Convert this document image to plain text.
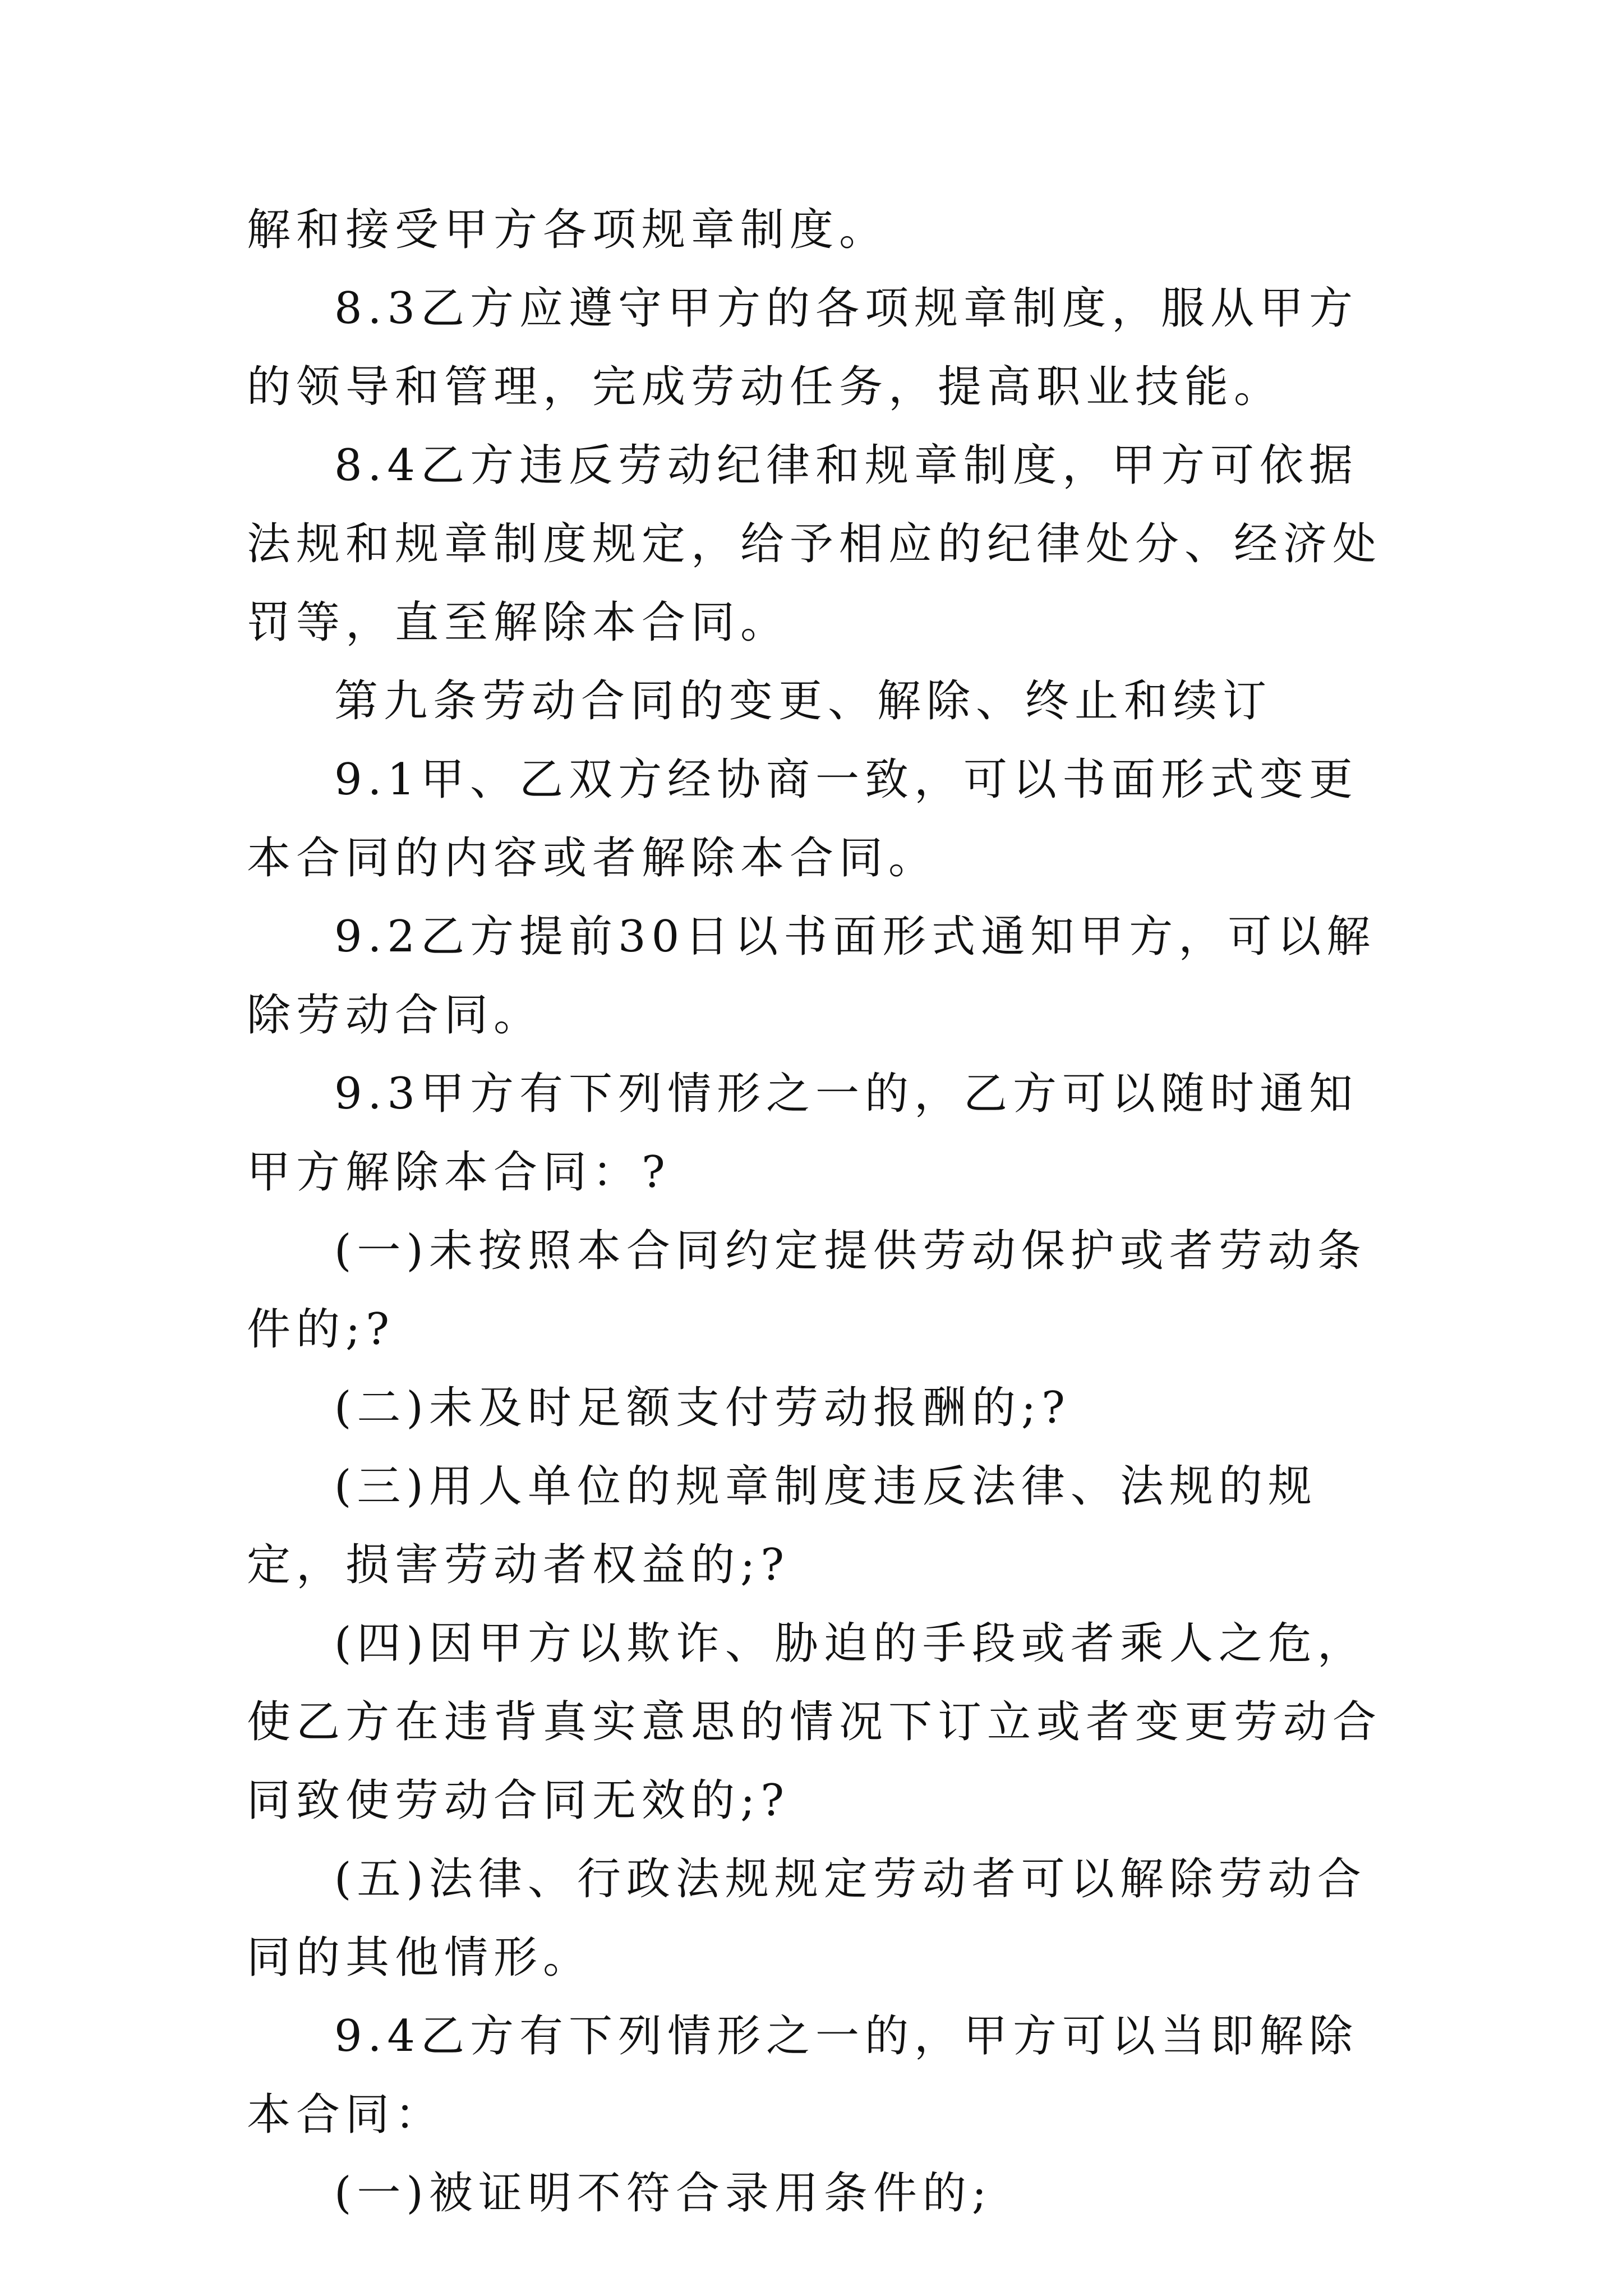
解和接受甲方各项规章制度。

8.3乙方应遵守甲方的各项规章制度，服从甲方的领导和管理，完成劳动任务，提高职业技能。

8.4乙方违反劳动纪律和规章制度，甲方可依据法规和规章制度规定，给予相应的纪律处分、经济处罚等，直至解除本合同。

第九条劳动合同的变更、解除、终止和续订

9.1甲、乙双方经协商一致，可以书面形式变更本合同的内容或者解除本合同。

9.2乙方提前30日以书面形式通知甲方，可以解除劳动合同。

9.3甲方有下列情形之一的，乙方可以随时通知甲方解除本合同：?

(一)未按照本合同约定提供劳动保护或者劳动条件的;?

(二)未及时足额支付劳动报酬的;?

(三)用人单位的规章制度违反法律、法规的规定，损害劳动者权益的;?

(四)因甲方以欺诈、胁迫的手段或者乘人之危，使乙方在违背真实意思的情况下订立或者变更劳动合同致使劳动合同无效的;?

(五)法律、行政法规规定劳动者可以解除劳动合同的其他情形。

9.4乙方有下列情形之一的，甲方可以当即解除本合同：

(一)被证明不符合录用条件的;
